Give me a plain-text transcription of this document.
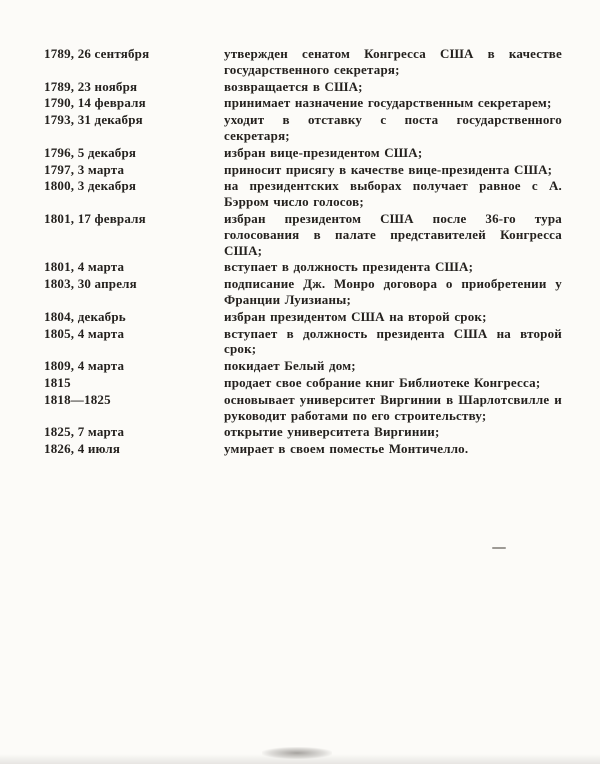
1789, 26 сентября	утвержден сенатом Конгресса США в качестве государственного секретаря;
1789, 23 ноября	возвращается в США;
1790, 14 февраля	принимает назначение государственным секретарем;
1793, 31 декабря	уходит в отставку с поста государственного секретаря;
1796, 5 декабря	избран вице-президентом США;
1797, 3 марта	приносит присягу в качестве вице-президента США;
1800, 3 декабря	на президентских выборах получает равное с А. Бэрром число голосов;
1801, 17 февраля	избран президентом США после 36-го тура голосования в палате представителей Конгресса США;
1801, 4 марта	вступает в должность президента США;
1803, 30 апреля	подписание Дж. Монро договора о приобретении у Франции Луизианы;
1804, декабрь	избран президентом США на второй срок;
1805, 4 марта	вступает в должность президента США на второй срок;
1809, 4 марта	покидает Белый дом;
1815	продает свое собрание книг Библиотеке Конгресса;
1818—1825	основывает университет Виргинии в Шарлотсвилле и руководит работами по его строительству;
1825, 7 марта	открытие университета Виргинии;
1826, 4 июля	умирает в своем поместье Монтичелло.
